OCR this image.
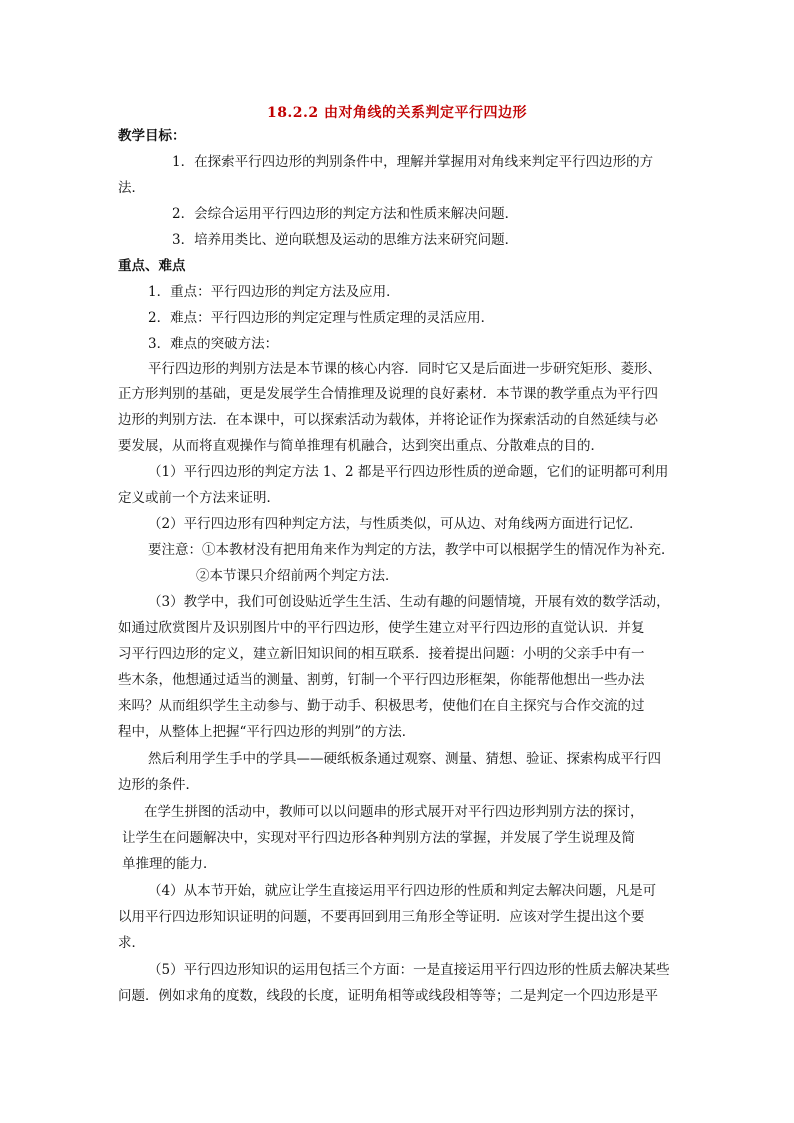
18.2.2 由对角线的关系判定平行四边形
教学目标：
1．在探索平行四边形的判别条件中，理解并掌握用对角线来判定平行四边形的方
法．
2．会综合运用平行四边形的判定方法和性质来解决问题．
3．培养用类比、逆向联想及运动的思维方法来研究问题．
重点、难点
1．重点：平行四边形的判定方法及应用．
2．难点：平行四边形的判定定理与性质定理的灵活应用．
3．难点的突破方法：
平行四边形的判别方法是本节课的核心内容．同时它又是后面进一步研究矩形、菱形、
正方形判别的基础，更是发展学生合情推理及说理的良好素材．本节课的教学重点为平行四
边形的判别方法．在本课中，可以探索活动为载体，并将论证作为探索活动的自然延续与必
要发展，从而将直观操作与简单推理有机融合，达到突出重点、分散难点的目的．
（1）平行四边形的判定方法 1、2 都是平行四边形性质的逆命题，它们的证明都可利用
定义或前一个方法来证明．
（2）平行四边形有四种判定方法，与性质类似，可从边、对角线两方面进行记忆．
要注意：①本教材没有把用角来作为判定的方法，教学中可以根据学生的情况作为补充．
②本节课只介绍前两个判定方法．
（3）教学中，我们可创设贴近学生生活、生动有趣的问题情境，开展有效的数学活动，
如通过欣赏图片及识别图片中的平行四边形，使学生建立对平行四边形的直觉认识．并复
习平行四边形的定义，建立新旧知识间的相互联系．接着提出问题：小明的父亲手中有一
些木条，他想通过适当的测量、割剪，钉制一个平行四边形框架，你能帮他想出一些办法
来吗？从而组织学生主动参与、勤于动手、积极思考，使他们在自主探究与合作交流的过
程中，从整体上把握“平行四边形的判别”的方法．
然后利用学生手中的学具——硬纸板条通过观察、测量、猜想、验证、探索构成平行四
边形的条件．
在学生拼图的活动中，教师可以以问题串的形式展开对平行四边形判别方法的探讨，
让学生在问题解决中，实现对平行四边形各种判别方法的掌握，并发展了学生说理及简
单推理的能力．
（4）从本节开始，就应让学生直接运用平行四边形的性质和判定去解决问题，凡是可
以用平行四边形知识证明的问题，不要再回到用三角形全等证明．应该对学生提出这个要
求．
（5）平行四边形知识的运用包括三个方面：一是直接运用平行四边形的性质去解决某些
问题．例如求角的度数，线段的长度，证明角相等或线段相等等；二是判定一个四边形是平
